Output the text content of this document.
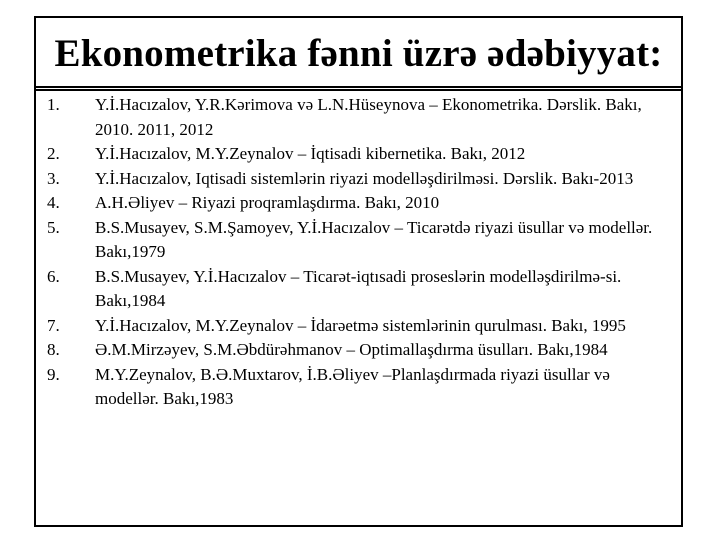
Ekonometrika fənni üzrə ədəbiyyat:
1.	Y.İ.Hacızalov, Y.R.Kərimova və L.N.Hüseynova – Ekonometrika. Dərslik. Bakı, 2010. 2011, 2012
2.	Y.İ.Hacızalov, M.Y.Zeynalov – İqtisadi kibernetika. Bakı, 2012
3.	Y.İ.Hacızalov, Iqtisadi sistemlərin riyazi modelləşdirilməsi. Dərslik. Bakı-2013
4.	A.H.Əliyev – Riyazi proqramlaşdırma. Bakı, 2010
5.	B.S.Musayev, S.M.Şamoyev, Y.İ.Hacızalov – Ticarətdə riyazi üsullar və modellər. Bakı,1979
6.	B.S.Musayev, Y.İ.Hacızalov – Ticarət-iqtısadi proseslərin modelləşdirilmə-si. Bakı,1984
7.	Y.İ.Hacızalov, M.Y.Zeynalov – İdarəetmə sistemlərinin qurulması. Bakı, 1995
8.	Ə.M.Mirzəyev, S.M.Əbdürəhmanov – Optimallaşdırma üsulları. Bakı,1984
9.	M.Y.Zeynalov, B.Ə.Muxtarov, İ.B.Əliyev –Planlaşdırmada riyazi üsullar və modellər. Bakı,1983
